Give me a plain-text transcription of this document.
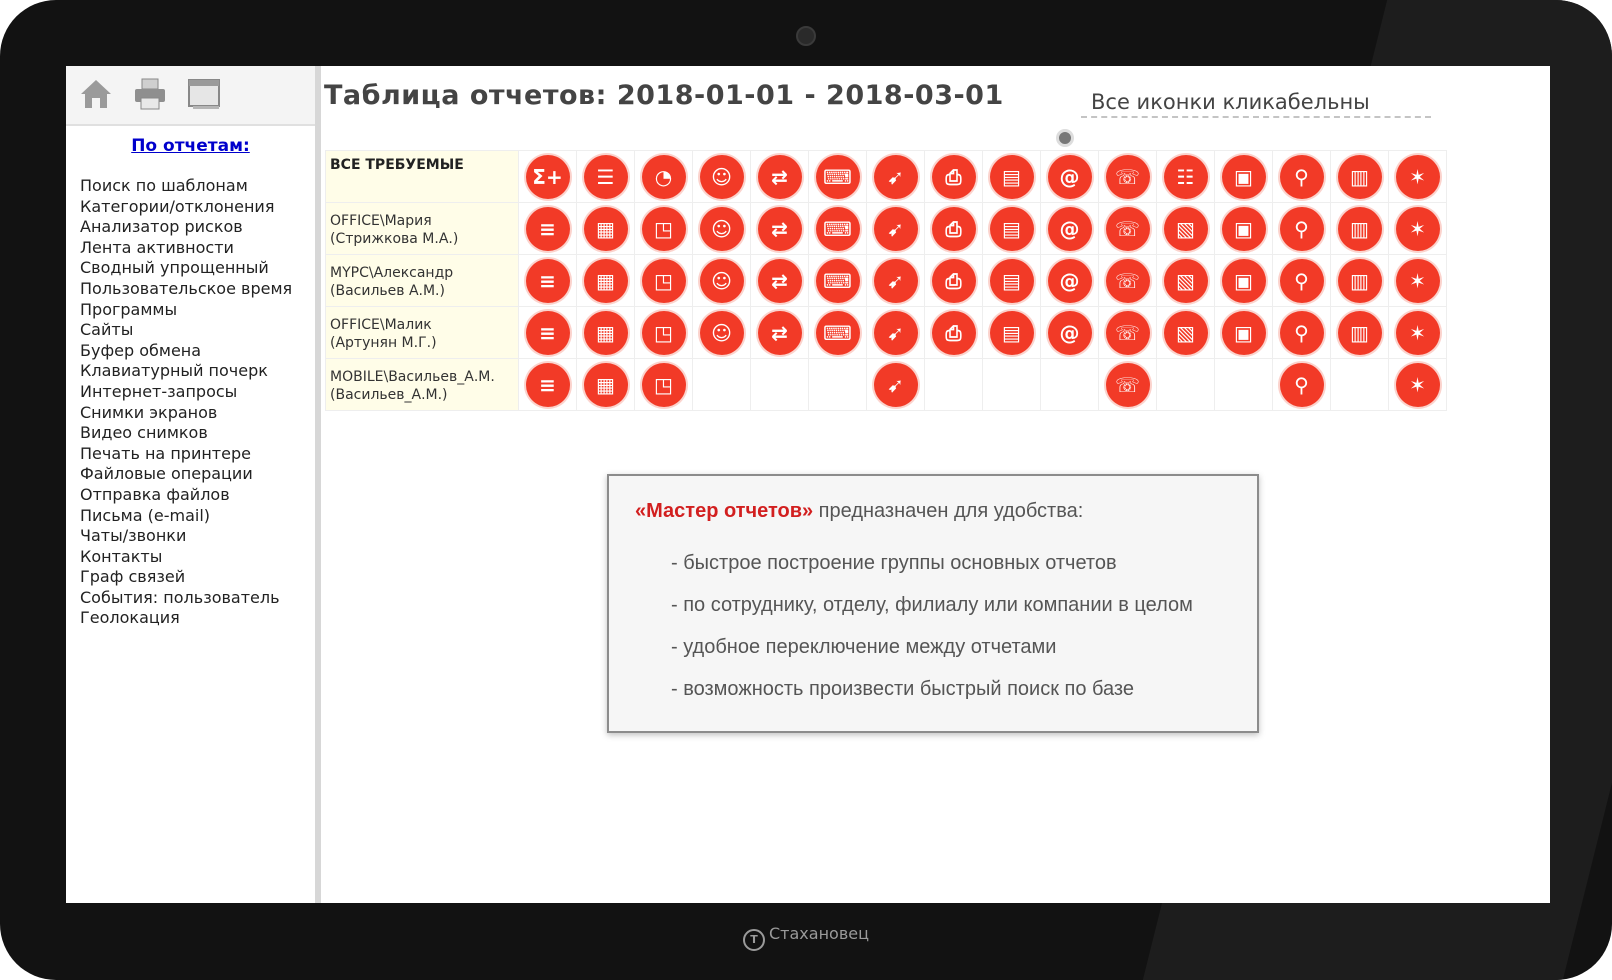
T Стахановец
По отчетам:
Поиск по шаблонам
Категории/отклонения
Анализатор рисков
Лента активности
Сводный упрощенный
Пользовательское время
Программы
Сайты
Буфер обмена
Клавиатурный почерк
Интернет-запросы
Снимки экранов
Видео снимков
Печать на принтере
Файловые операции
Отправка файлов
Письма (e-mail)
Чаты/звонки
Контакты
Граф связей
События: пользователь
Геолокация
Таблица отчетов: 2018-01-01 - 2018-03-01	Все иконки кликабельны
ВСЕ ТРЕБУЕМЫЕ	Σ+	☰	◔	☺	⇄	⌨	➹	⎙	▤	@	☏	☷	▣	⚲	▥	✶

OFFICE\Мария
(Стрижкова М.А.)	≡	▦	◳	☺	⇄	⌨	➹	⎙	▤	@	☏	▧	▣	⚲	▥	✶

MYPC\Александр
(Васильев А.М.)	≡	▦	◳	☺	⇄	⌨	➹	⎙	▤	@	☏	▧	▣	⚲	▥	✶

OFFICE\Малик
(Артунян М.Г.)	≡	▦	◳	☺	⇄	⌨	➹	⎙	▤	@	☏	▧	▣	⚲	▥	✶

MOBILE\Васильев_А.М.
(Васильев_А.М.)	≡	▦	◳				➹				☏			⚲		✶
«Мастер отчетов» предназначен для удобства:
- быстрое построение группы основных отчетов
- по сотруднику, отделу, филиалу или компании в целом
- удобное переключение между отчетами
- возможность произвести быстрый поиск по базе
